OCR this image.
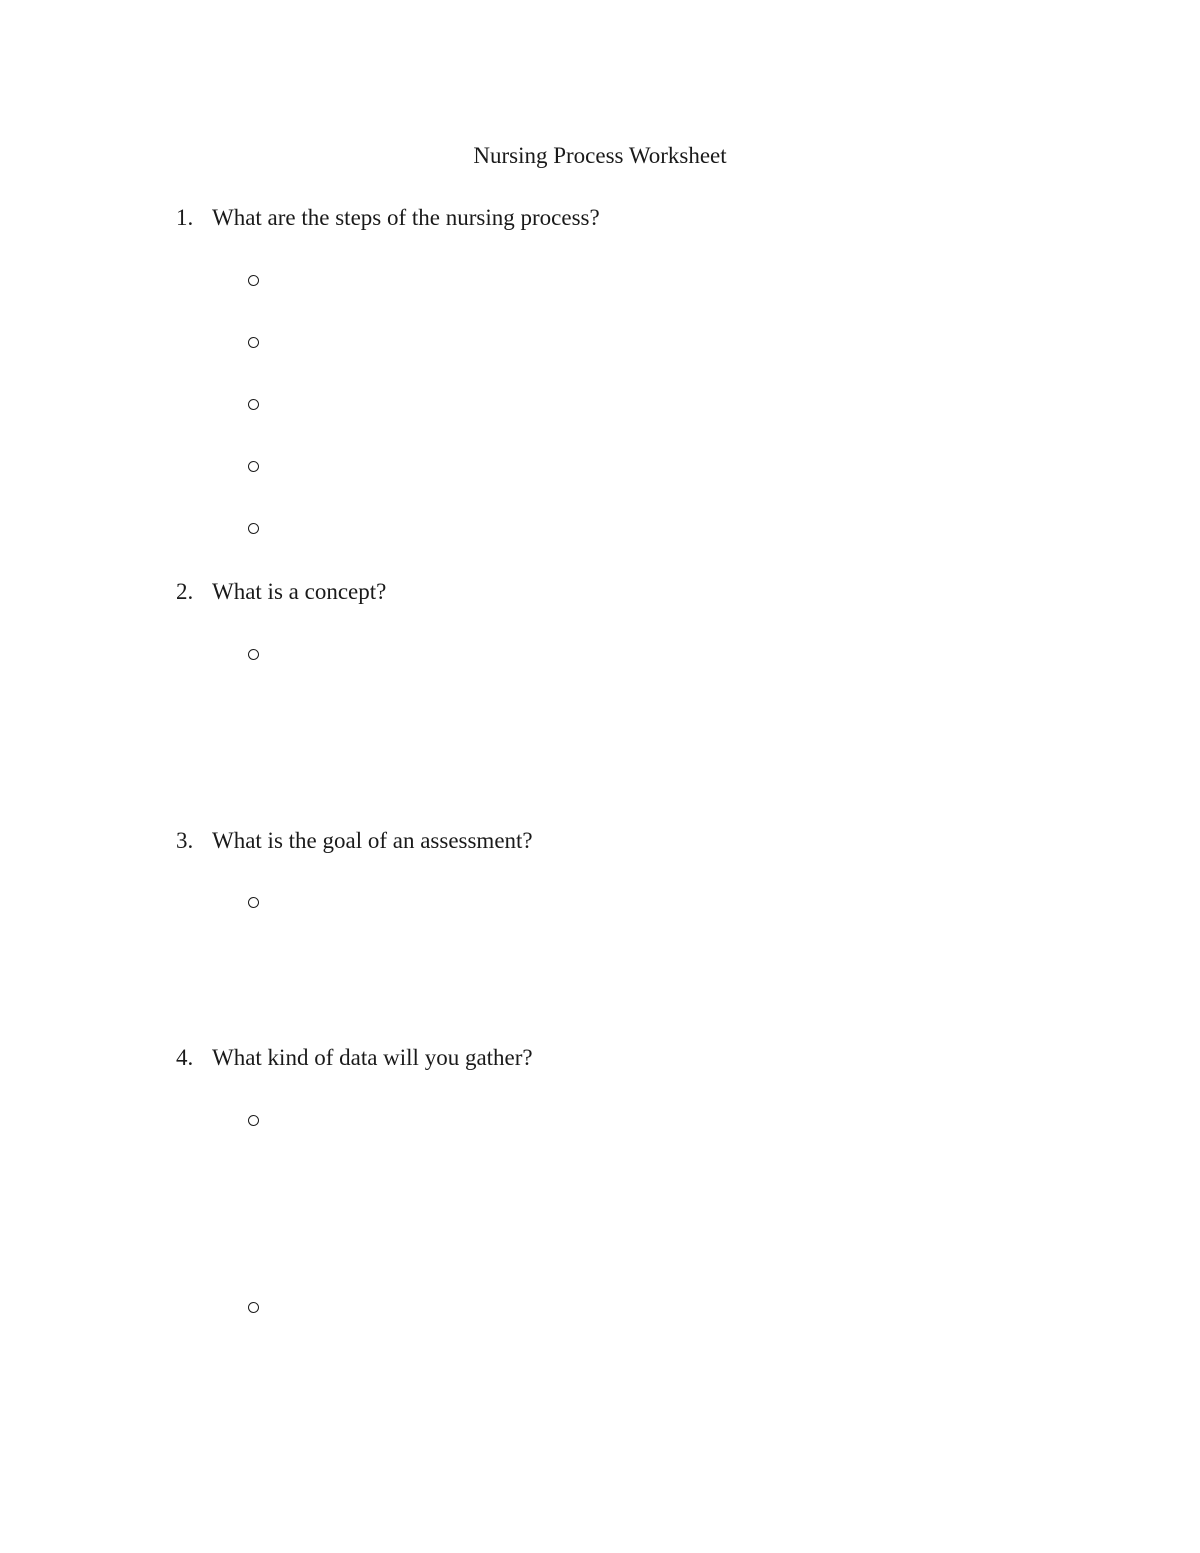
Nursing Process Worksheet
1. What are the steps of the nursing process?
2. What is a concept?
3. What is the goal of an assessment?
4. What kind of data will you gather?
